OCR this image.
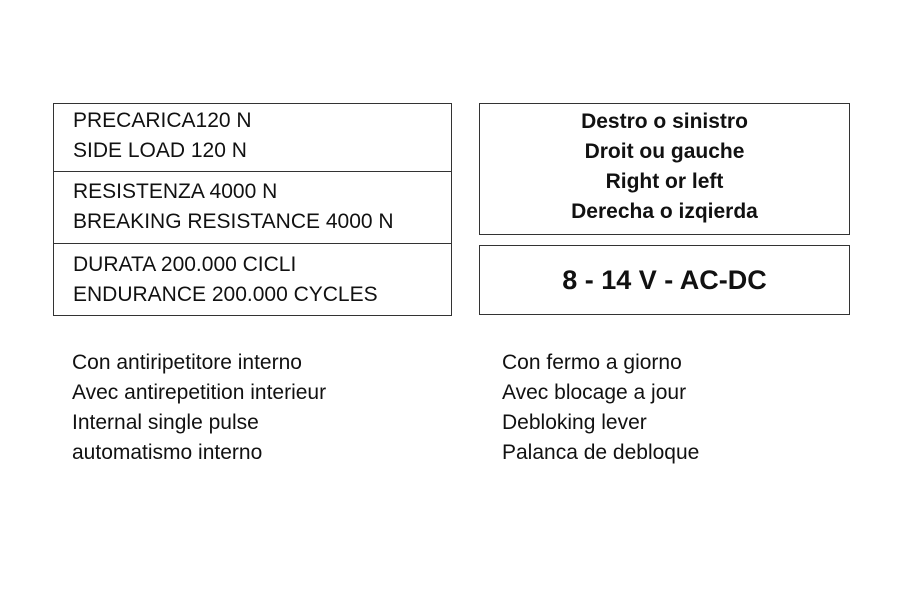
PRECARICA120 N
SIDE LOAD 120 N
RESISTENZA 4000 N
BREAKING RESISTANCE 4000 N
DURATA 200.000 CICLI
ENDURANCE 200.000 CYCLES
Destro o sinistro
Droit ou gauche
Right or left
Derecha o izqierda
8 - 14 V - AC-DC
Con antiripetitore interno
Avec antirepetition interieur
Internal single pulse
automatismo interno
Con fermo a giorno
Avec blocage a jour
Debloking lever
Palanca de debloque
